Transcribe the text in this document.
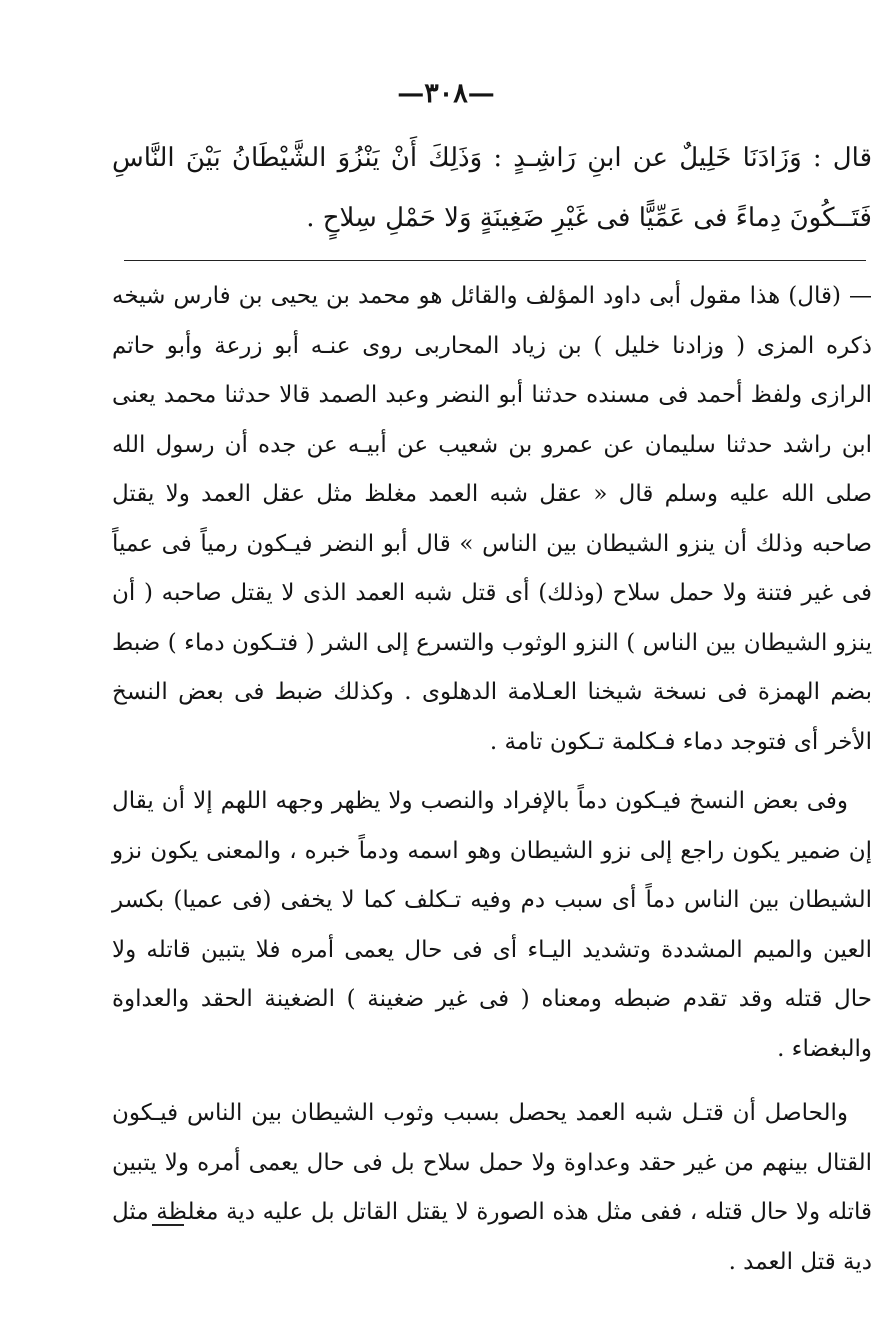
—٣٠٨—
قال : وَزَادَنَا خَلِيلٌ عن ابنِ رَاشِـدٍ : وَذَلِكَ أَنْ يَنْزُوَ الشَّيْطَانُ بَيْنَ النَّاسِ فَتَــكُونَ دِماءً فى عَمِّيًّا فى غَيْرِ ضَغِينَةٍ وَلا حَمْلِ سِلاحٍ .

— (قال) هذا مقول أبى داود المؤلف والقائل هو محمد بن يحيى بن فارس شيخه ذكره المزى ( وزادنا خليل ) بن زياد المحاربى روى عنـه أبو زرعة وأبو حاتم الرازى ولفظ أحمد فى مسنده حدثنا أبو النضر وعبد الصمد قالا حدثنا محمد يعنى ابن راشد حدثنا سليمان عن عمرو بن شعيب عن أبيـه عن جده أن رسول الله صلى الله عليه وسلم قال « عقل شبه العمد مغلظ مثل عقل العمد ولا يقتل صاحبه وذلك أن ينزو الشيطان بين الناس » قال أبو النضر فيـكون رمياً فى عمياً فى غير فتنة ولا حمل سلاح (وذلك) أى قتل شبه العمد الذى لا يقتل صاحبه ( أن ينزو الشيطان بين الناس ) النزو الوثوب والتسرع إلى الشر ( فتـكون دماء ) ضبط بضم الهمزة فى نسخة شيخنا العـلامة الدهلوى . وكذلك ضبط فى بعض النسخ الأخر أى فتوجد دماء فـكلمة تـكون تامة .

وفى بعض النسخ فيـكون دماً بالإفراد والنصب ولا يظهر وجهه اللهم إلا أن يقال إن ضمير يكون راجع إلى نزو الشيطان وهو اسمه ودماً خبره ، والمعنى يكون نزو الشيطان بين الناس دماً أى سبب دم وفيه تـكلف كما لا يخفى (فى عميا) بكسر العين والميم المشددة وتشديد اليـاء أى فى حال يعمى أمره فلا يتبين قاتله ولا حال قتله وقد تقدم ضبطه ومعناه ( فى غير ضغينة ) الضغينة الحقد والعداوة والبغضاء .

والحاصل أن قتـل شبه العمد يحصل بسبب وثوب الشيطان بين الناس فيـكون القتال بينهم من غير حقد وعداوة ولا حمل سلاح بل فى حال يعمى أمره ولا يتبين قاتله ولا حال قتله ، ففى مثل هذه الصورة لا يقتل القاتل بل عليه دية مغلظة مثل دية قتل العمد .
